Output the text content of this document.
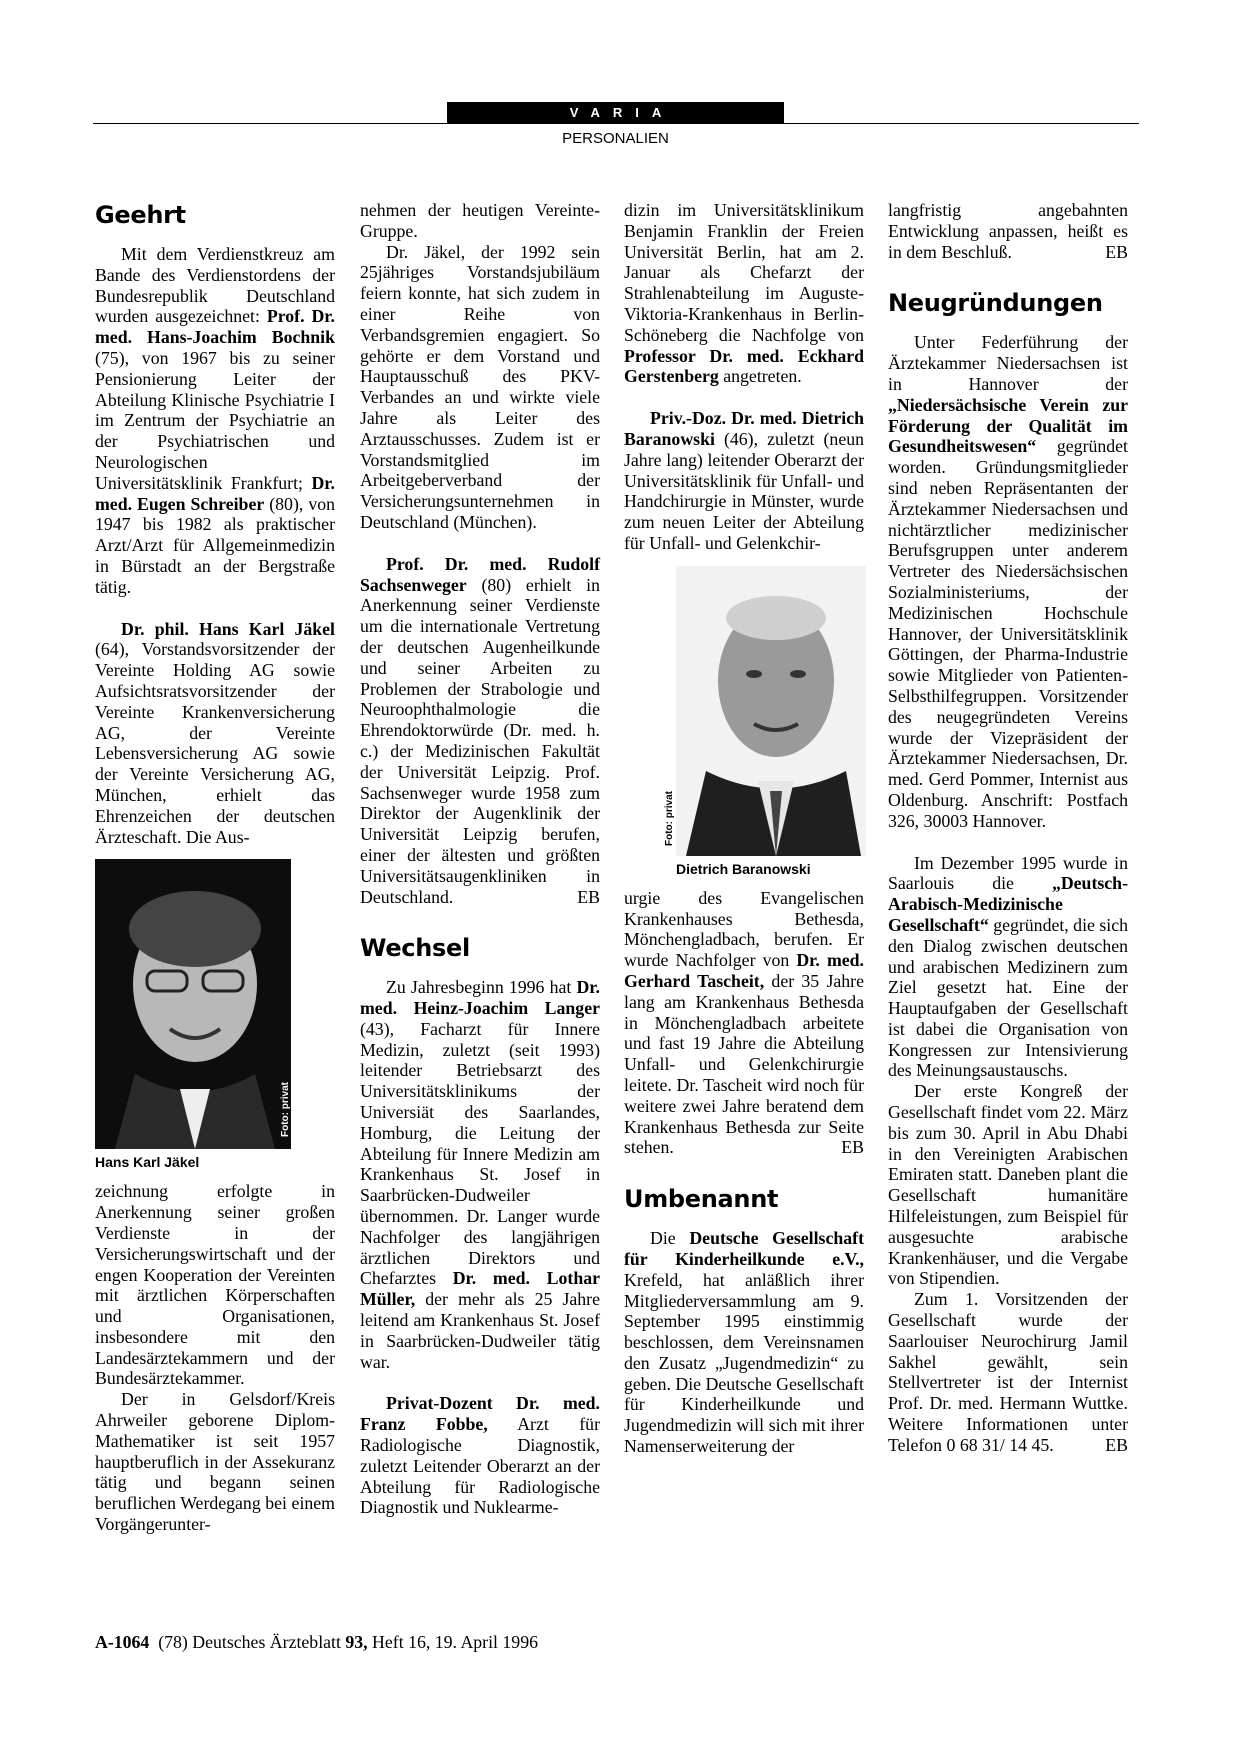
VARIA
PERSONALIEN
Geehrt

Mit dem Verdienstkreuz am Bande des Verdienstordens der Bundesrepublik Deutschland wurden ausgezeichnet: Prof. Dr. med. Hans-Joachim Bochnik (75), von 1967 bis zu seiner Pensionierung Leiter der Abteilung Klinische Psychiatrie I im Zentrum der Psychiatrie an der Psychiatrischen und Neurologischen Universitätsklinik Frankfurt; Dr. med. Eugen Schreiber (80), von 1947 bis 1982 als praktischer Arzt/Arzt für Allgemeinmedizin in Bürstadt an der Bergstraße tätig.

Dr. phil. Hans Karl Jäkel (64), Vorstandsvorsitzender der Vereinte Holding AG sowie Aufsichtsratsvorsitzender der Vereinte Krankenversicherung AG, der Vereinte Lebensversicherung AG sowie der Vereinte Versicherung AG, München, erhielt das Ehrenzeichen der deutschen Ärzteschaft. Die Aus-

Foto: privat
Hans Karl Jäkel

zeichnung erfolgte in Anerkennung seiner großen Verdienste in der Versicherungswirtschaft und der engen Kooperation der Vereinten mit ärztlichen Körperschaften und Organisationen, insbesondere mit den Landesärztekammern und der Bundesärztekammer.

Der in Gelsdorf/Kreis Ahrweiler geborene Diplom-Mathematiker ist seit 1957 hauptberuflich in der Assekuranz tätig und begann seinen beruflichen Werdegang bei einem Vorgängerunter-

nehmen der heutigen Vereinte-Gruppe.

Dr. Jäkel, der 1992 sein 25jähriges Vorstandsjubiläum feiern konnte, hat sich zudem in einer Reihe von Verbandsgremien engagiert. So gehörte er dem Vorstand und Hauptausschuß des PKV-Verbandes an und wirkte viele Jahre als Leiter des Arztausschusses. Zudem ist er Vorstandsmitglied im Arbeitgeberverband der Versicherungsunternehmen in Deutschland (München).

Prof. Dr. med. Rudolf Sachsenweger (80) erhielt in Anerkennung seiner Verdienste um die internationale Vertretung der deutschen Augenheilkunde und seiner Arbeiten zu Problemen der Strabologie und Neuroophthalmologie die Ehrendoktorwürde (Dr. med. h. c.) der Medizinischen Fakultät der Universität Leipzig. Prof. Sachsenweger wurde 1958 zum Direktor der Augenklinik der Universität Leipzig berufen, einer der ältesten und größten Universitätsaugenkliniken in Deutschland.	EB

Wechsel

Zu Jahresbeginn 1996 hat Dr. med. Heinz-Joachim Langer (43), Facharzt für Innere Medizin, zuletzt (seit 1993) leitender Betriebsarzt des Universitätsklinikums der Universiät des Saarlandes, Homburg, die Leitung der Abteilung für Innere Medizin am Krankenhaus St. Josef in Saarbrücken-Dudweiler übernommen. Dr. Langer wurde Nachfolger des langjährigen ärztlichen Direktors und Chefarztes Dr. med. Lothar Müller, der mehr als 25 Jahre leitend am Krankenhaus St. Josef in Saarbrücken-Dudweiler tätig war.

Privat-Dozent Dr. med. Franz Fobbe, Arzt für Radiologische Diagnostik, zuletzt Leitender Oberarzt an der Abteilung für Radiologische Diagnostik und Nuklearme-

dizin im Universitätsklinikum Benjamin Franklin der Freien Universität Berlin, hat am 2. Januar als Chefarzt der Strahlenabteilung im Auguste-Viktoria-Krankenhaus in Berlin-Schöneberg die Nachfolge von Professor Dr. med. Eckhard Gerstenberg angetreten.

Priv.-Doz. Dr. med. Dietrich Baranowski (46), zuletzt (neun Jahre lang) leitender Oberarzt der Universitätsklinik für Unfall- und Handchirurgie in Münster, wurde zum neuen Leiter der Abteilung für Unfall- und Gelenkchir-

Foto: privat
Dietrich Baranowski

urgie des Evangelischen Krankenhauses Bethesda, Mönchengladbach, berufen. Er wurde Nachfolger von Dr. med. Gerhard Tascheit, der 35 Jahre lang am Krankenhaus Bethesda in Mönchengladbach arbeitete und fast 19 Jahre die Abteilung Unfall- und Gelenkchirurgie leitete. Dr. Tascheit wird noch für weitere zwei Jahre beratend dem Krankenhaus Bethesda zur Seite stehen.	EB

Umbenannt

Die Deutsche Gesellschaft für Kinderheilkunde e.V., Krefeld, hat anläßlich ihrer Mitgliederversammlung am 9. September 1995 einstimmig beschlossen, dem Vereinsnamen den Zusatz „Jugendmedizin“ zu geben. Die Deutsche Gesellschaft für Kinderheilkunde und Jugendmedizin will sich mit ihrer Namenserweiterung der

langfristig angebahnten Entwicklung anpassen, heißt es in dem Beschluß.	EB

Neugründungen

Unter Federführung der Ärztekammer Niedersachsen ist in Hannover der „Niedersächsische Verein zur Förderung der Qualität im Gesundheitswesen“ gegründet worden. Gründungsmitglieder sind neben Repräsentanten der Ärztekammer Niedersachsen und nichtärztlicher medizinischer Berufsgruppen unter anderem Vertreter des Niedersächsischen Sozialministeriums, der Medizinischen Hochschule Hannover, der Universitätsklinik Göttingen, der Pharma-Industrie sowie Mitglieder von Patienten-Selbsthilfegruppen. Vorsitzender des neugegründeten Vereins wurde der Vizepräsident der Ärztekammer Niedersachsen, Dr. med. Gerd Pommer, Internist aus Oldenburg. Anschrift: Postfach 326, 30003 Hannover.

Im Dezember 1995 wurde in Saarlouis die „Deutsch-Arabisch-Medizinische Gesellschaft“ gegründet, die sich den Dialog zwischen deutschen und arabischen Medizinern zum Ziel gesetzt hat. Eine der Hauptaufgaben der Gesellschaft ist dabei die Organisation von Kongressen zur Intensivierung des Meinungsaustauschs.

Der erste Kongreß der Gesellschaft findet vom 22. März bis zum 30. April in Abu Dhabi in den Vereinigten Arabischen Emiraten statt. Daneben plant die Gesellschaft humanitäre Hilfeleistungen, zum Beispiel für ausgesuchte arabische Krankenhäuser, und die Vergabe von Stipendien.

Zum 1. Vorsitzenden der Gesellschaft wurde der Saarlouiser Neurochirurg Jamil Sakhel gewählt, sein Stellvertreter ist der Internist Prof. Dr. med. Hermann Wuttke. Weitere Informationen unter Telefon 0 68 31/ 14 45.	EB

A-1064  (78) Deutsches Ärzteblatt 93, Heft 16, 19. April 1996
